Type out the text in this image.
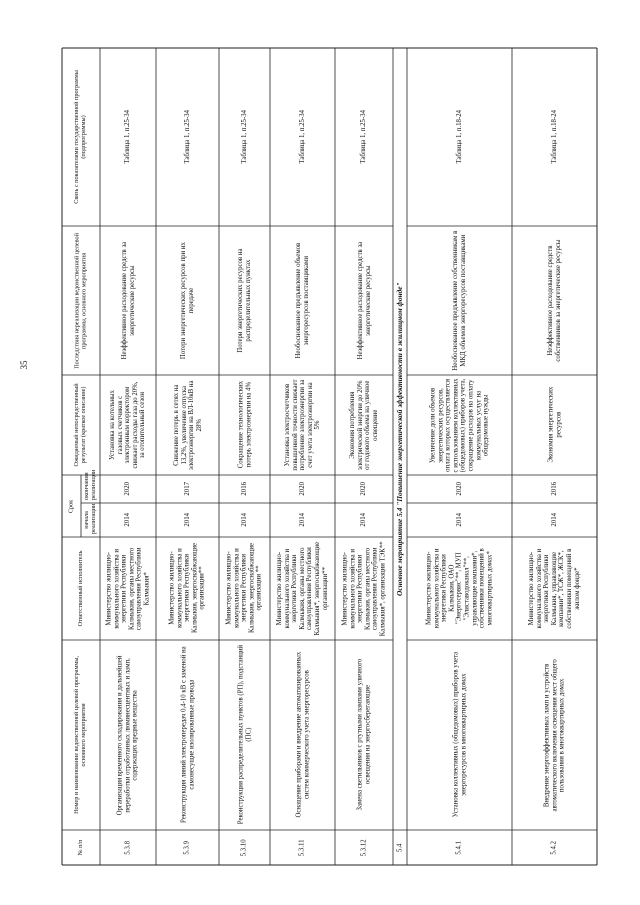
35
№ п/п
Номер и наименование ведомственной целевой программы, основного мероприятия
Ответственный исполнитель
начала реализации
окончания реализации
Ожидаемый непосредственный результат (краткое описание)
Последствия нереализации ведомственной целевой программы, основного мероприятия
Связь с показателями государственной программы (подпрограммы)
Срок
5.3.8
Организация временного складирования и дальнейшей переработки отработанных люминесцентных и ламп, содержащих вредные вещества
Министерство жилищно-коммунального хозяйства и энергетики Республики Калмыкия, органы местного самоуправления Республики Калмыкия*
2014
2020
Установка на котельных газовых счетчиков с электронным корректором снижает расходы газа до 20%, за отопительный сезон
Неэффективное расходование средств за энергетические ресурсы
Таблица 1, п.25-34
5.3.9
Реконструкция линий электропередач 0,4-10 кВ с заменой на самонесущие изолированные провода
Министерство жилищно-коммунального хозяйства и энергетики Республики Калмыкия, энергоснабжающие организации**
2014
2017
Снижение потерь в сетях на 13,2%, увеличение отпуска электроэнергии на ВЛ-10кВ на 28%
Потери энергетических ресурсов при их передаче
Таблица 1, п.25-34
5.3.10
Реконструкция распределительных пунктов (РП), подстанций (ПС)
Министерство жилищно-коммунального хозяйства и энергетики Республики Калмыкия, энергоснабжающие организации **
2014
2016
Сокращение технологических потерь электроэнергии на 4%
Потери энергетических ресурсов на распределительных пунктах
Таблица 1, п.25-34
5.3.11
Оснащение приборами и внедрение автоматизированных систем коммерческого учета энергоресурсов
Министерство жилищно-коммунального хозяйства и энергетики Республики Калмыкия, органы местного самоуправления Республики Калмыкия*, энергоснабжающие организации**
2014
2020
Установка электросчетчиков повышенной точности снижает потребление электроэнергии за счет учета электроэнергии на 5%
Необоснованное предъявление объемов энергоресурсов поставщиками
Таблица 1, п.25-34
5.3.12
Замена светильников с ртутными лампами уличного освещения на энергосберегающие
Министерство жилищно-коммунального хозяйства и энергетики Республики Калмыкия, органы местного самоуправления Республики Калмыкия*, организации ТЭК**
2014
2020
Экономия потребления электрической энергии до 20% от годового объема на уличное освещение
Неэффективное расходование средств за энергетические ресурсы
Таблица 1, п.25-34
5.4
Основное мероприятие 5.4 "Повышение энергетической эффективности в жилищном фонде"
5.4.1
Установка коллективных (общедомовых) приборов учета энергоресурсов в многоквартирных домах
Министерство жилищно-коммунального хозяйства и энергетики Республики Калмыкия, ОАО "Энергосервис"**, МУП "Элиставодоканал"**, управляющие компании*, собственники помещений в многоквартирных домах*
2014
2020
Увеличение доли объемов энергетических ресурсов, оплата которых осуществляется с использованием коллективных (общедомовых) приборов учета, сокращение расходов на оплату коммунальных услуг на общедомовые нужды
Необоснованное предъявление собственникам в МКД объемов энергоресурсов поставщиками
Таблица 1, п.18-24
5.4.2
Внедрение энергоэффективных ламп и устройств автоматического включения освещения мест общего пользования в многоквартирных домах
Министерство жилищно-коммунального хозяйства и энергетики Республики Калмыкия, управляющие компании*, ТСЖ*, ЖСК*, собственники помещений в жилом фонде*
2014
2016
Экономия энергетических ресурсов
Неэффективное расходование средств собственников за энергетические ресурсы
Таблица 1, п.18-24
